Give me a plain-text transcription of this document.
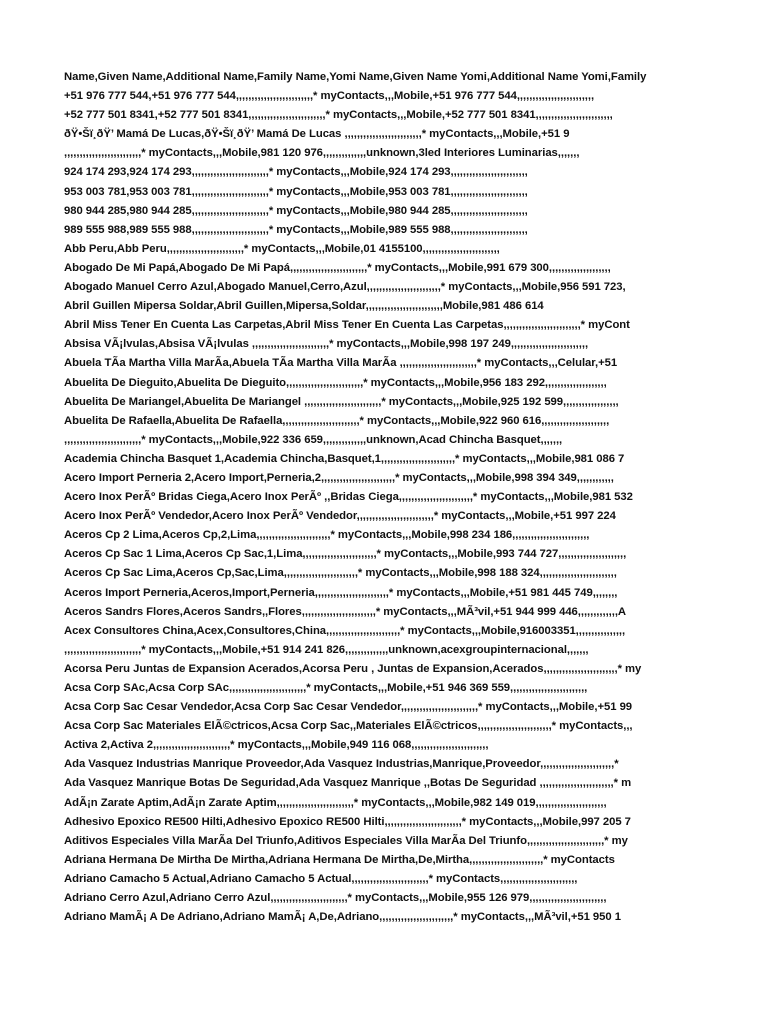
Name,Given Name,Additional Name,Family Name,Yomi Name,Given Name Yomi,Additional Name Yomi,Family

+51 976 777 544,+51 976 777 544,,,,,,,,,,,,,,,,,,,,,,,,,* myContacts,,,Mobile,+51 976 777 544,,,,,,,,,,,,,,,,,,,,,,,,,

+52 777 501 8341,+52 777 501 8341,,,,,,,,,,,,,,,,,,,,,,,,,* myContacts,,,Mobile,+52 777 501 8341,,,,,,,,,,,,,,,,,,,,,,,,,

ðŸ•Šï¸ðŸ’ Mamá De Lucas,ðŸ•Šï¸ðŸ’ Mamá De Lucas ,,,,,,,,,,,,,,,,,,,,,,,,,* myContacts,,,Mobile,+51 9

,,,,,,,,,,,,,,,,,,,,,,,,,* myContacts,,,Mobile,981 120 976,,,,,,,,,,,,,,unknown,3led Interiores Luminarias,,,,,,,

924 174 293,924 174 293,,,,,,,,,,,,,,,,,,,,,,,,,* myContacts,,,Mobile,924 174 293,,,,,,,,,,,,,,,,,,,,,,,,,

953 003 781,953 003 781,,,,,,,,,,,,,,,,,,,,,,,,,* myContacts,,,Mobile,953 003 781,,,,,,,,,,,,,,,,,,,,,,,,,

980 944 285,980 944 285,,,,,,,,,,,,,,,,,,,,,,,,,* myContacts,,,Mobile,980 944 285,,,,,,,,,,,,,,,,,,,,,,,,,

989 555 988,989 555 988,,,,,,,,,,,,,,,,,,,,,,,,,* myContacts,,,Mobile,989 555 988,,,,,,,,,,,,,,,,,,,,,,,,,

Abb Peru,Abb Peru,,,,,,,,,,,,,,,,,,,,,,,,,* myContacts,,,Mobile,01 4155100,,,,,,,,,,,,,,,,,,,,,,,,,

Abogado De Mi Papá,Abogado De Mi Papá,,,,,,,,,,,,,,,,,,,,,,,,,* myContacts,,,Mobile,991 679 300,,,,,,,,,,,,,,,,,,,,

Abogado Manuel Cerro Azul,Abogado Manuel,Cerro,Azul,,,,,,,,,,,,,,,,,,,,,,,,* myContacts,,,Mobile,956 591 723,

Abril Guillen Mipersa Soldar,Abril Guillen,Mipersa,Soldar,,,,,,,,,,,,,,,,,,,,,,,,,Mobile,981 486 614

Abril Miss Tener En Cuenta Las Carpetas,Abril Miss Tener En Cuenta Las Carpetas,,,,,,,,,,,,,,,,,,,,,,,,,* myCont

Absisa VÃ¡lvulas,Absisa VÃ¡lvulas ,,,,,,,,,,,,,,,,,,,,,,,,,* myContacts,,,Mobile,998 197 249,,,,,,,,,,,,,,,,,,,,,,,,,

Abuela TÃa Martha Villa MarÃa,Abuela TÃa Martha Villa MarÃa ,,,,,,,,,,,,,,,,,,,,,,,,,* myContacts,,,Celular,+51

Abuelita De Dieguito,Abuelita De Dieguito,,,,,,,,,,,,,,,,,,,,,,,,,* myContacts,,,Mobile,956 183 292,,,,,,,,,,,,,,,,,,,,

Abuelita De Mariangel,Abuelita De Mariangel ,,,,,,,,,,,,,,,,,,,,,,,,,* myContacts,,,Mobile,925 192 599,,,,,,,,,,,,,,,,,,

Abuelita De Rafaella,Abuelita De Rafaella,,,,,,,,,,,,,,,,,,,,,,,,,* myContacts,,,Mobile,922 960 616,,,,,,,,,,,,,,,,,,,,,,

,,,,,,,,,,,,,,,,,,,,,,,,,* myContacts,,,Mobile,922 336 659,,,,,,,,,,,,,,unknown,Acad Chincha Basquet,,,,,,,

Academia Chincha Basquet 1,Academia Chincha,Basquet,1,,,,,,,,,,,,,,,,,,,,,,,,* myContacts,,,Mobile,981 086 7

Acero Import Perneria 2,Acero Import,Perneria,2,,,,,,,,,,,,,,,,,,,,,,,,* myContacts,,,Mobile,998 394 349,,,,,,,,,,,,

Acero Inox PerÃº Bridas Ciega,Acero Inox PerÃº ,,Bridas Ciega,,,,,,,,,,,,,,,,,,,,,,,,* myContacts,,,Mobile,981 532

Acero Inox PerÃº Vendedor,Acero Inox PerÃº Vendedor,,,,,,,,,,,,,,,,,,,,,,,,,* myContacts,,,Mobile,+51 997 224

Aceros Cp 2 Lima,Aceros Cp,2,Lima,,,,,,,,,,,,,,,,,,,,,,,,* myContacts,,,Mobile,998 234 186,,,,,,,,,,,,,,,,,,,,,,,,,

Aceros Cp Sac 1 Lima,Aceros Cp Sac,1,Lima,,,,,,,,,,,,,,,,,,,,,,,,* myContacts,,,Mobile,993 744 727,,,,,,,,,,,,,,,,,,,,,,

Aceros Cp Sac Lima,Aceros Cp,Sac,Lima,,,,,,,,,,,,,,,,,,,,,,,,* myContacts,,,Mobile,998 188 324,,,,,,,,,,,,,,,,,,,,,,,,,

Aceros Import Perneria,Aceros,Import,Perneria,,,,,,,,,,,,,,,,,,,,,,,,* myContacts,,,Mobile,+51 981 445 749,,,,,,,,

Aceros Sandrs Flores,Aceros Sandrs,,Flores,,,,,,,,,,,,,,,,,,,,,,,,* myContacts,,,MÃ³vil,+51 944 999 446,,,,,,,,,,,,,A

Acex Consultores China,Acex,Consultores,China,,,,,,,,,,,,,,,,,,,,,,,,* myContacts,,,Mobile,916003351,,,,,,,,,,,,,,,,

,,,,,,,,,,,,,,,,,,,,,,,,,* myContacts,,,Mobile,+51 914 241 826,,,,,,,,,,,,,,unknown,acexgroupinternacional,,,,,,,

Acorsa Peru Juntas de Expansion Acerados,Acorsa Peru , Juntas de Expansion,Acerados,,,,,,,,,,,,,,,,,,,,,,,,* my

Acsa Corp SAc,Acsa Corp SAc,,,,,,,,,,,,,,,,,,,,,,,,,* myContacts,,,Mobile,+51 946 369 559,,,,,,,,,,,,,,,,,,,,,,,,,

Acsa Corp Sac Cesar Vendedor,Acsa Corp Sac Cesar Vendedor,,,,,,,,,,,,,,,,,,,,,,,,,* myContacts,,,Mobile,+51 99

Acsa Corp Sac Materiales ElÃ©ctricos,Acsa Corp Sac,,Materiales ElÃ©ctricos,,,,,,,,,,,,,,,,,,,,,,,,* myContacts,,,

Activa 2,Activa 2,,,,,,,,,,,,,,,,,,,,,,,,,* myContacts,,,Mobile,949 116 068,,,,,,,,,,,,,,,,,,,,,,,,,

Ada Vasquez Industrias Manrique Proveedor,Ada Vasquez Industrias,Manrique,Proveedor,,,,,,,,,,,,,,,,,,,,,,,,*

Ada Vasquez Manrique Botas De Seguridad,Ada Vasquez Manrique ,,Botas De Seguridad ,,,,,,,,,,,,,,,,,,,,,,,,* m

AdÃ¡n Zarate Aptim,AdÃ¡n Zarate Aptim,,,,,,,,,,,,,,,,,,,,,,,,,* myContacts,,,Mobile,982 149 019,,,,,,,,,,,,,,,,,,,,,,,

Adhesivo Epoxico RE500 Hilti,Adhesivo Epoxico RE500 Hilti,,,,,,,,,,,,,,,,,,,,,,,,,* myContacts,,,Mobile,997 205 7

Aditivos Especiales Villa MarÃa Del Triunfo,Aditivos Especiales Villa MarÃa Del Triunfo,,,,,,,,,,,,,,,,,,,,,,,,,* my

Adriana Hermana De Mirtha De Mirtha,Adriana Hermana De Mirtha,De,Mirtha,,,,,,,,,,,,,,,,,,,,,,,,* myContacts

Adriano Camacho 5 Actual,Adriano Camacho 5 Actual,,,,,,,,,,,,,,,,,,,,,,,,,* myContacts,,,,,,,,,,,,,,,,,,,,,,,,,

Adriano Cerro Azul,Adriano Cerro Azul,,,,,,,,,,,,,,,,,,,,,,,,,* myContacts,,,Mobile,955 126 979,,,,,,,,,,,,,,,,,,,,,,,,,

Adriano MamÃ¡ A De Adriano,Adriano MamÃ¡ A,De,Adriano,,,,,,,,,,,,,,,,,,,,,,,,* myContacts,,,MÃ³vil,+51 950 1
